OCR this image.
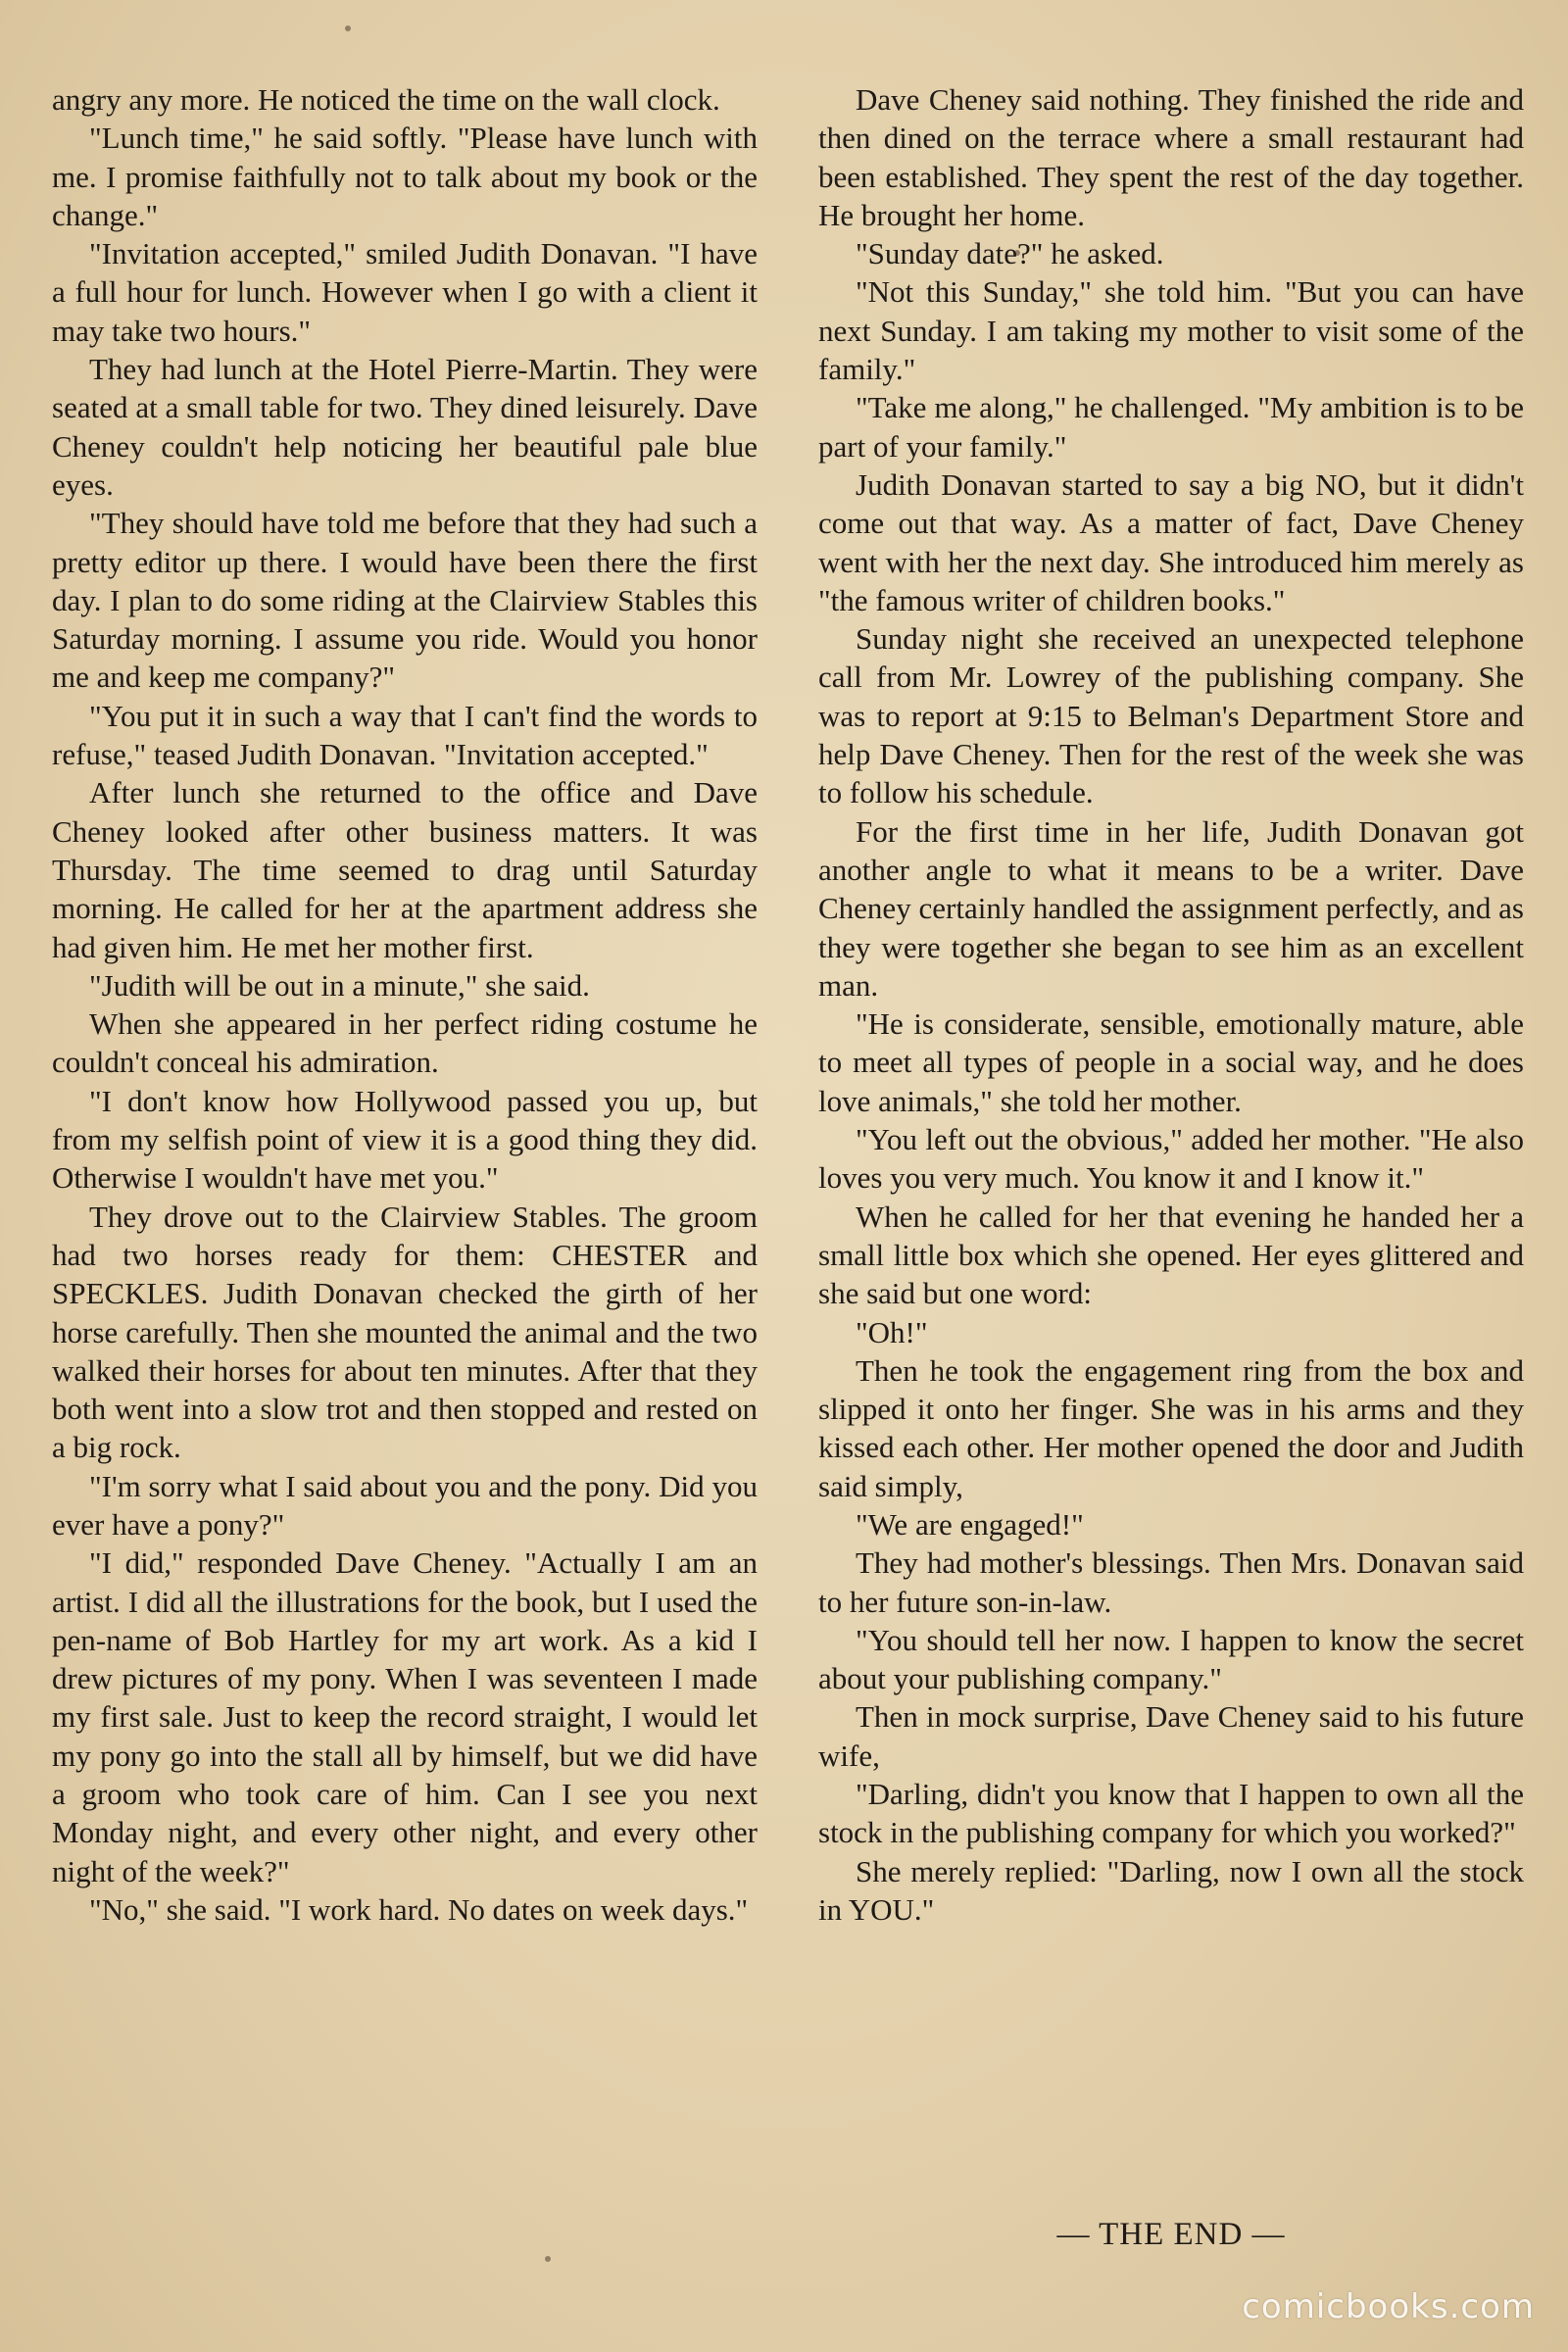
angry any more. He noticed the time on the wall clock.

"Lunch time," he said softly. "Please have lunch with me. I promise faithfully not to talk about my book or the change."

"Invitation accepted," smiled Judith Donavan. "I have a full hour for lunch. However when I go with a client it may take two hours."

They had lunch at the Hotel Pierre-Martin. They were seated at a small table for two. They dined leisurely. Dave Cheney couldn't help noticing her beautiful pale blue eyes.

"They should have told me before that they had such a pretty editor up there. I would have been there the first day. I plan to do some riding at the Clairview Stables this Saturday morning. I assume you ride. Would you honor me and keep me company?"

"You put it in such a way that I can't find the words to refuse," teased Judith Donavan. "Invitation accepted."

After lunch she returned to the office and Dave Cheney looked after other business matters. It was Thursday. The time seemed to drag until Saturday morning. He called for her at the apartment address she had given him. He met her mother first.

"Judith will be out in a minute," she said.

When she appeared in her perfect riding costume he couldn't conceal his admiration.

"I don't know how Hollywood passed you up, but from my selfish point of view it is a good thing they did. Otherwise I wouldn't have met you."

They drove out to the Clairview Stables. The groom had two horses ready for them: CHESTER and SPECKLES. Judith Donavan checked the girth of her horse carefully. Then she mounted the animal and the two walked their horses for about ten minutes. After that they both went into a slow trot and then stopped and rested on a big rock.

"I'm sorry what I said about you and the pony. Did you ever have a pony?"

"I did," responded Dave Cheney. "Actually I am an artist. I did all the illustrations for the book, but I used the pen-name of Bob Hartley for my art work. As a kid I drew pictures of my pony. When I was seventeen I made my first sale. Just to keep the record straight, I would let my pony go into the stall all by himself, but we did have a groom who took care of him. Can I see you next Monday night, and every other night, and every other night of the week?"

"No," she said. "I work hard. No dates on week days."

Dave Cheney said nothing. They finished the ride and then dined on the terrace where a small restaurant had been established. They spent the rest of the day together. He brought her home.

"Sunday date?" he asked.

"Not this Sunday," she told him. "But you can have next Sunday. I am taking my mother to visit some of the family."

"Take me along," he challenged. "My ambition is to be part of your family."

Judith Donavan started to say a big NO, but it didn't come out that way. As a matter of fact, Dave Cheney went with her the next day. She introduced him merely as "the famous writer of children books."

Sunday night she received an unexpected telephone call from Mr. Lowrey of the publishing company. She was to report at 9:15 to Belman's Department Store and help Dave Cheney. Then for the rest of the week she was to follow his schedule.

For the first time in her life, Judith Donavan got another angle to what it means to be a writer. Dave Cheney certainly handled the assignment perfectly, and as they were together she began to see him as an excellent man.

"He is considerate, sensible, emotionally mature, able to meet all types of people in a social way, and he does love animals," she told her mother.

"You left out the obvious," added her mother. "He also loves you very much. You know it and I know it."

When he called for her that evening he handed her a small little box which she opened. Her eyes glittered and she said but one word:

"Oh!"

Then he took the engagement ring from the box and slipped it onto her finger. She was in his arms and they kissed each other. Her mother opened the door and Judith said simply,

"We are engaged!"

They had mother's blessings. Then Mrs. Donavan said to her future son-in-law.

"You should tell her now. I happen to know the secret about your publishing company."

Then in mock surprise, Dave Cheney said to his future wife,

"Darling, didn't you know that I happen to own all the stock in the publishing company for which you worked?"

She merely replied: "Darling, now I own all the stock in YOU."

— THE END —
comicbooks.com
